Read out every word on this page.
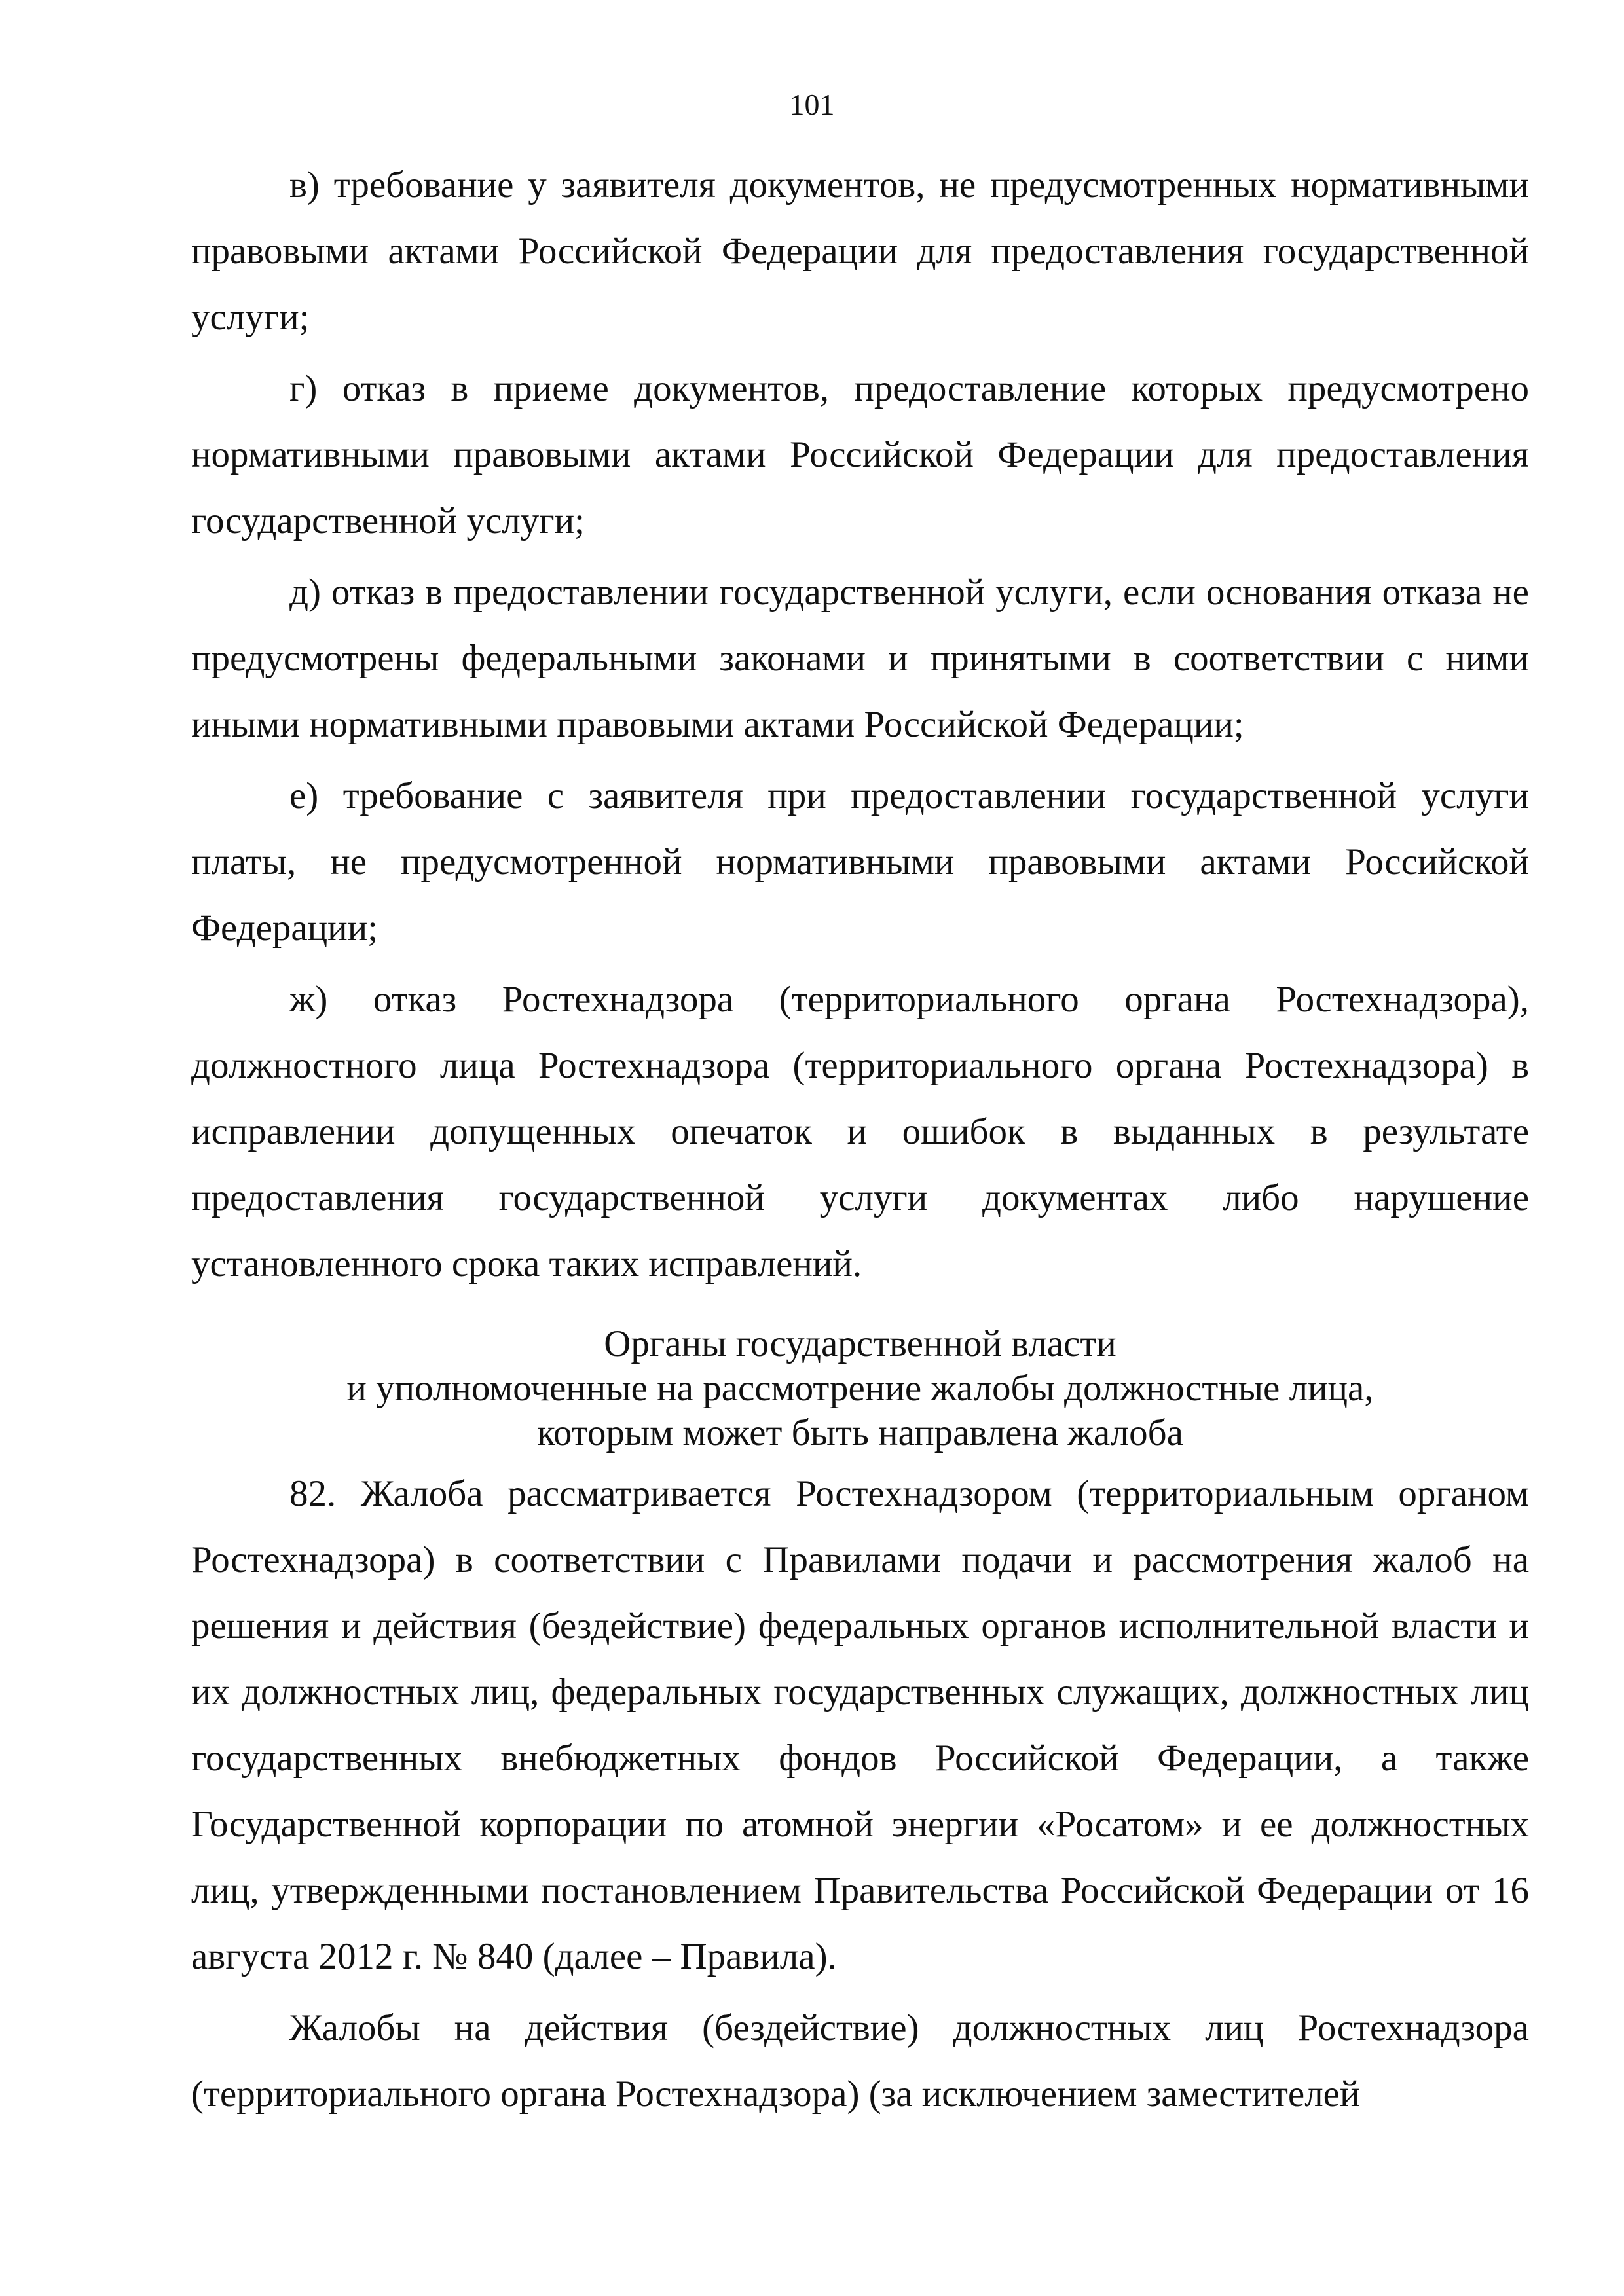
101

в) требование у заявителя документов, не предусмотренных нормативными правовыми актами Российской Федерации для предоставления государственной услуги;

г) отказ в приеме документов, предоставление которых предусмотрено нормативными правовыми актами Российской Федерации для предоставления государственной услуги;

д) отказ в предоставлении государственной услуги, если основания отказа не предусмотрены федеральными законами и принятыми в соответствии с ними иными нормативными правовыми актами Российской Федерации;

е) требование с заявителя при предоставлении государственной услуги платы, не предусмотренной нормативными правовыми актами Российской Федерации;

ж) отказ Ростехнадзора (территориального органа Ростехнадзора), должностного лица Ростехнадзора (территориального органа Ростехнадзора) в исправлении допущенных опечаток и ошибок в выданных в результате предоставления государственной услуги документах либо нарушение установленного срока таких исправлений.

Органы государственной власти
и уполномоченные на рассмотрение жалобы должностные лица,
которым может быть направлена жалоба

82. Жалоба рассматривается Ростехнадзором (территориальным органом Ростехнадзора) в соответствии с Правилами подачи и рассмотрения жалоб на решения и действия (бездействие) федеральных органов исполнительной власти и их должностных лиц, федеральных государственных служащих, должностных лиц государственных внебюджетных фондов Российской Федерации, а также Государственной корпорации по атомной энергии «Росатом» и ее должностных лиц, утвержденными постановлением Правительства Российской Федерации от 16 августа 2012 г. № 840 (далее – Правила).

Жалобы на действия (бездействие) должностных лиц Ростехнадзора (территориального органа Ростехнадзора) (за исключением заместителей
